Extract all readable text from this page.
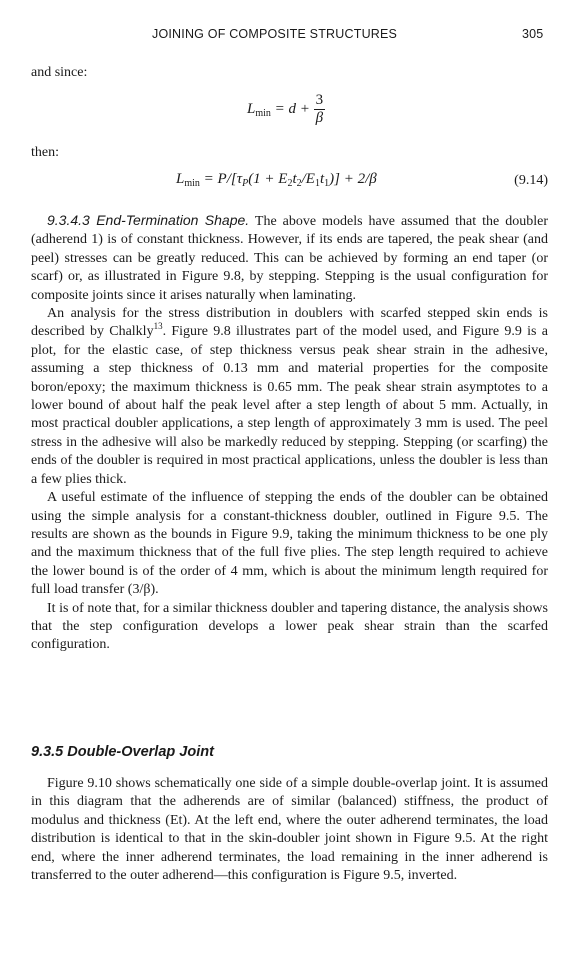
JOINING OF COMPOSITE STRUCTURES	305
and since:
$L_{min} = d + \frac{3}{\beta}$
then:
$L_{min} = P/[\tau_P(1 + E_2t_2/E_1t_1)] + 2/\beta$	(9.14)

9.3.4.3 End-Termination Shape. The above models have assumed that the doubler (adherend 1) is of constant thickness. However, if its ends are tapered, the peak shear (and peel) stresses can be greatly reduced. This can be achieved by forming an end taper (or scarf) or, as illustrated in Figure 9.8, by stepping. Stepping is the usual configuration for composite joints since it arises naturally when laminating.

An analysis for the stress distribution in doublers with scarfed stepped skin ends is described by Chalkly$^{13}$. Figure 9.8 illustrates part of the model used, and Figure 9.9 is a plot, for the elastic case, of step thickness versus peak shear strain in the adhesive, assuming a step thickness of 0.13 mm and material properties for the composite boron/epoxy; the maximum thickness is 0.65 mm. The peak shear strain asymptotes to a lower bound of about half the peak level after a step length of about 5 mm. Actually, in most practical doubler applications, a step length of approximately 3 mm is used. The peel stress in the adhesive will also be markedly reduced by stepping. Stepping (or scarfing) the ends of the doubler is required in most practical applications, unless the doubler is less than a few plies thick.

A useful estimate of the influence of stepping the ends of the doubler can be obtained using the simple analysis for a constant-thickness doubler, outlined in Figure 9.5. The results are shown as the bounds in Figure 9.9, taking the minimum thickness to be one ply and the maximum thickness that of the full five plies. The step length required to achieve the lower bound is of the order of 4 mm, which is about the minimum length required for full load transfer (3/β).

It is of note that, for a similar thickness doubler and tapering distance, the analysis shows that the step configuration develops a lower peak shear strain than the scarfed configuration.

9.3.5 Double-Overlap Joint

Figure 9.10 shows schematically one side of a simple double-overlap joint. It is assumed in this diagram that the adherends are of similar (balanced) stiffness, the product of modulus and thickness (Et). At the left end, where the outer adherend terminates, the load distribution is identical to that in the skin-doubler joint shown in Figure 9.5. At the right end, where the inner adherend terminates, the load remaining in the inner adherend is transferred to the outer adherend—this configuration is Figure 9.5, inverted.
